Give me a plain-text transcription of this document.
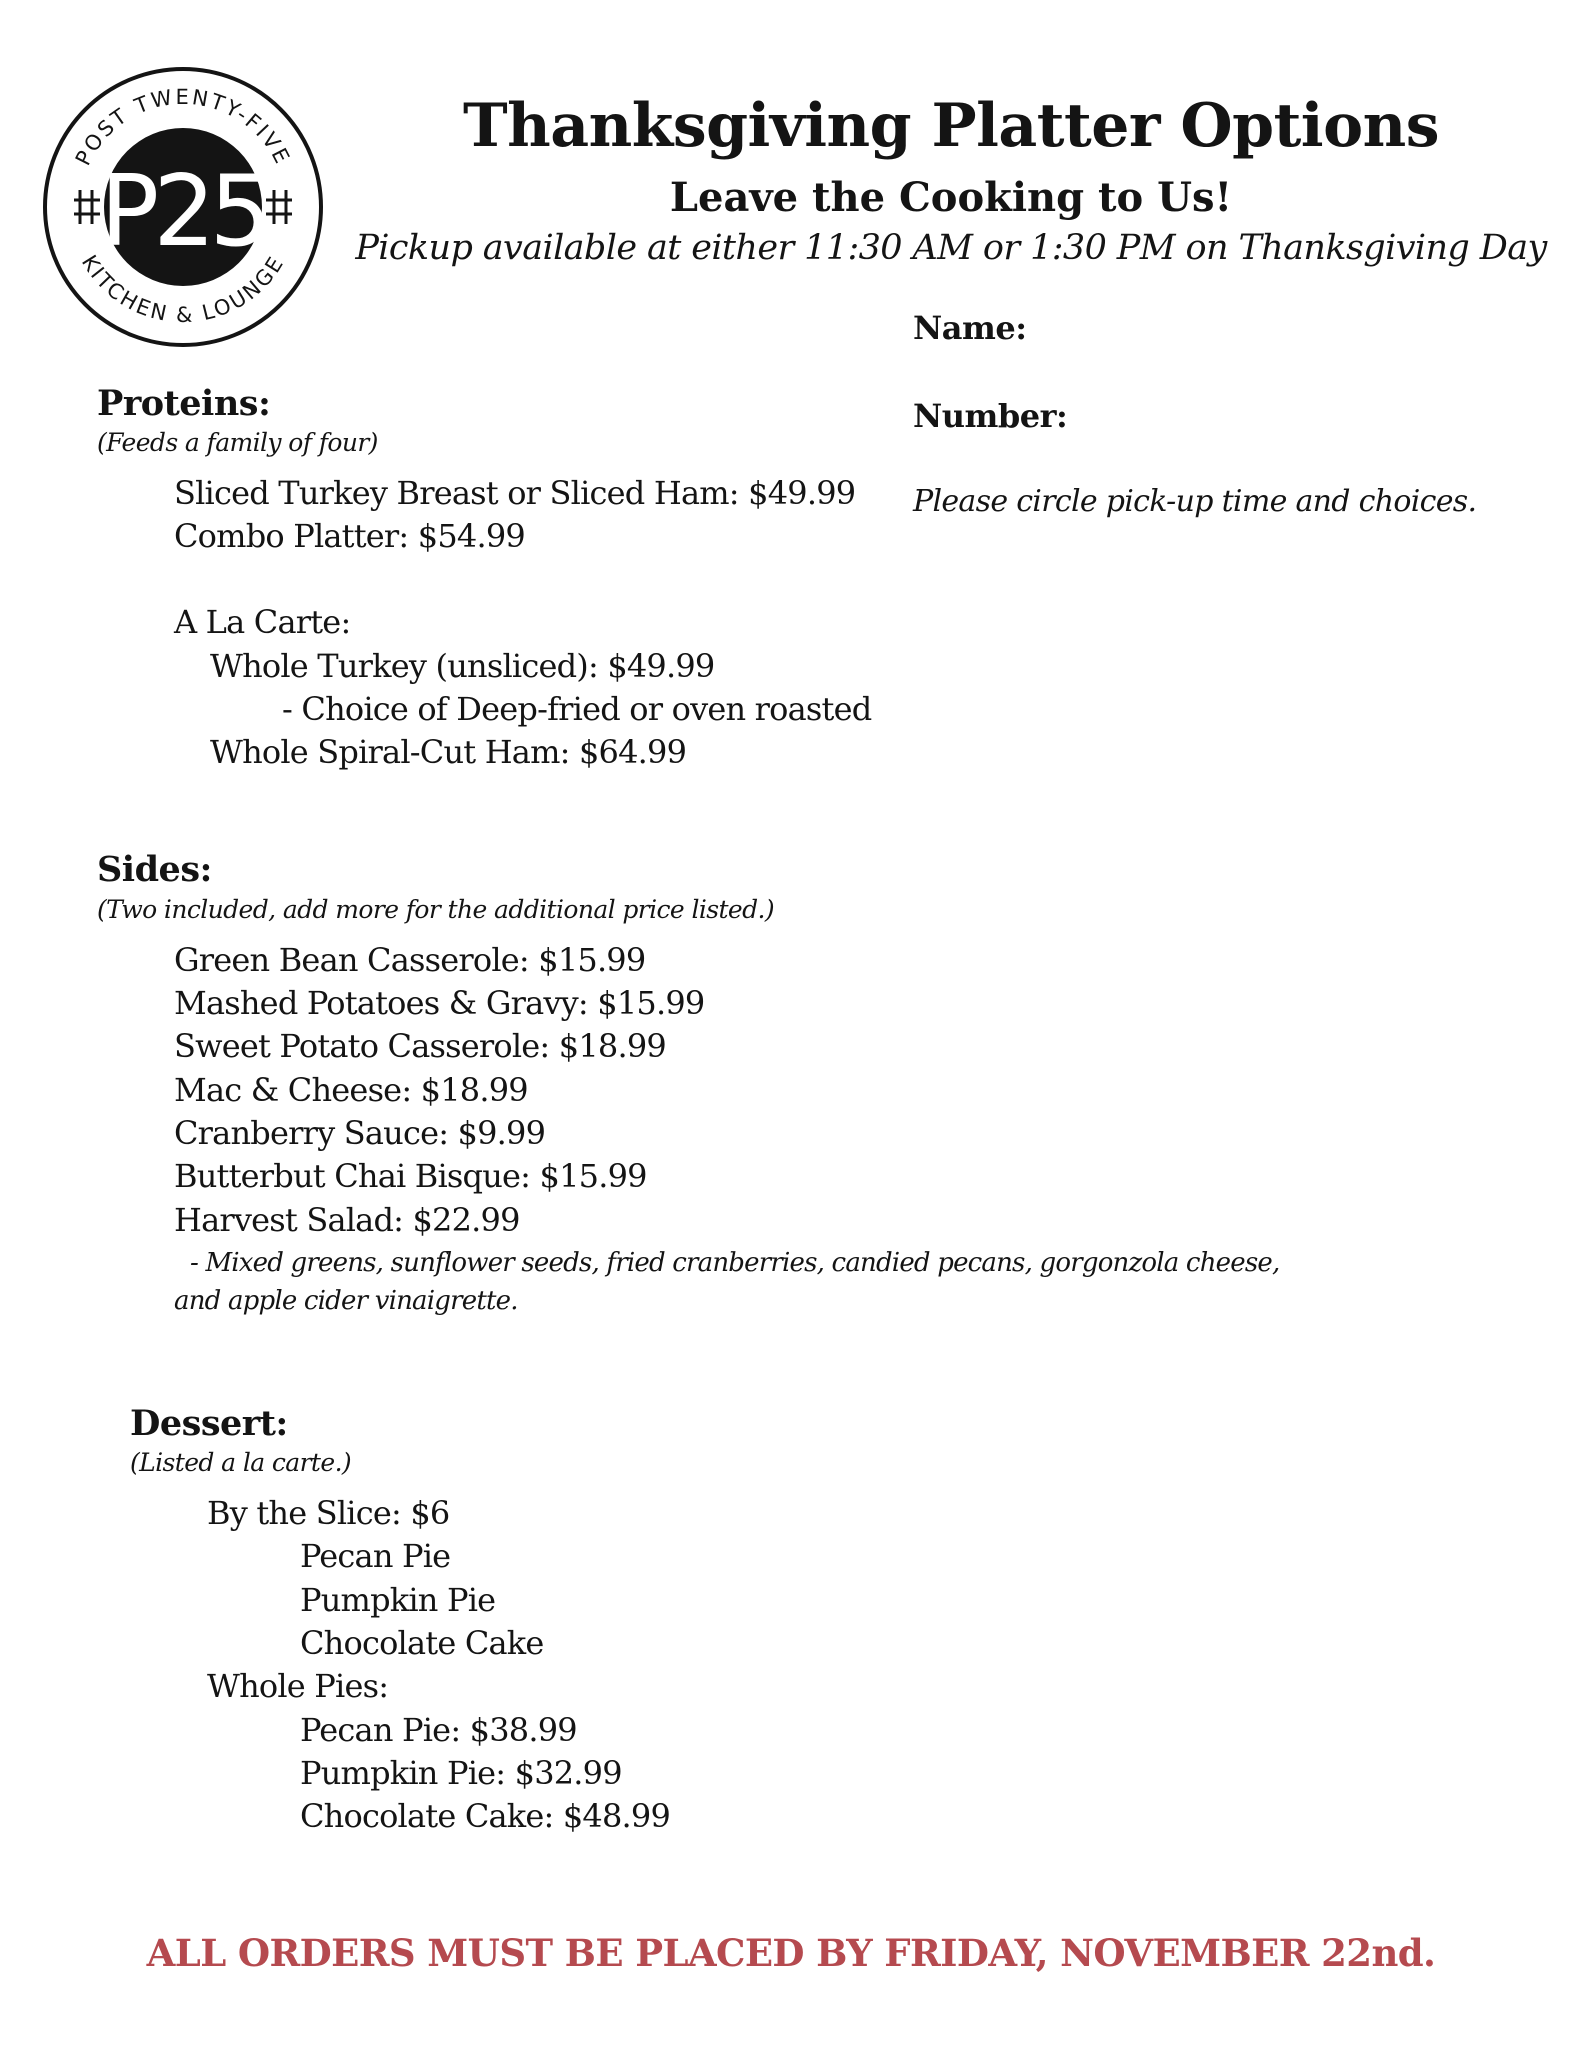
POST TWENTY-FIVE
KITCHEN & LOUNGE
P25
Thanksgiving Platter Options
Leave the Cooking to Us!
Pickup available at either 11:30 AM or 1:30 PM on Thanksgiving Day
Name:
Number:
Please circle pick-up time and choices.
Proteins:
(Feeds a family of four)
Sliced Turkey Breast or Sliced Ham: $49.99
Combo Platter: $54.99
A La Carte:
Whole Turkey (unsliced): $49.99
- Choice of Deep-fried or oven roasted
Whole Spiral-Cut Ham: $64.99
Sides:
(Two included, add more for the additional price listed.)
Green Bean Casserole: $15.99
Mashed Potatoes & Gravy: $15.99
Sweet Potato Casserole: $18.99
Mac & Cheese: $18.99
Cranberry Sauce: $9.99
Butterbut Chai Bisque: $15.99
Harvest Salad: $22.99
- Mixed greens, sunflower seeds, fried cranberries, candied pecans, gorgonzola cheese,
and apple cider vinaigrette.
Dessert:
(Listed a la carte.)
By the Slice: $6
Pecan Pie
Pumpkin Pie
Chocolate Cake
Whole Pies:
Pecan Pie: $38.99
Pumpkin Pie: $32.99
Chocolate Cake: $48.99
ALL ORDERS MUST BE PLACED BY FRIDAY, NOVEMBER 22nd.
